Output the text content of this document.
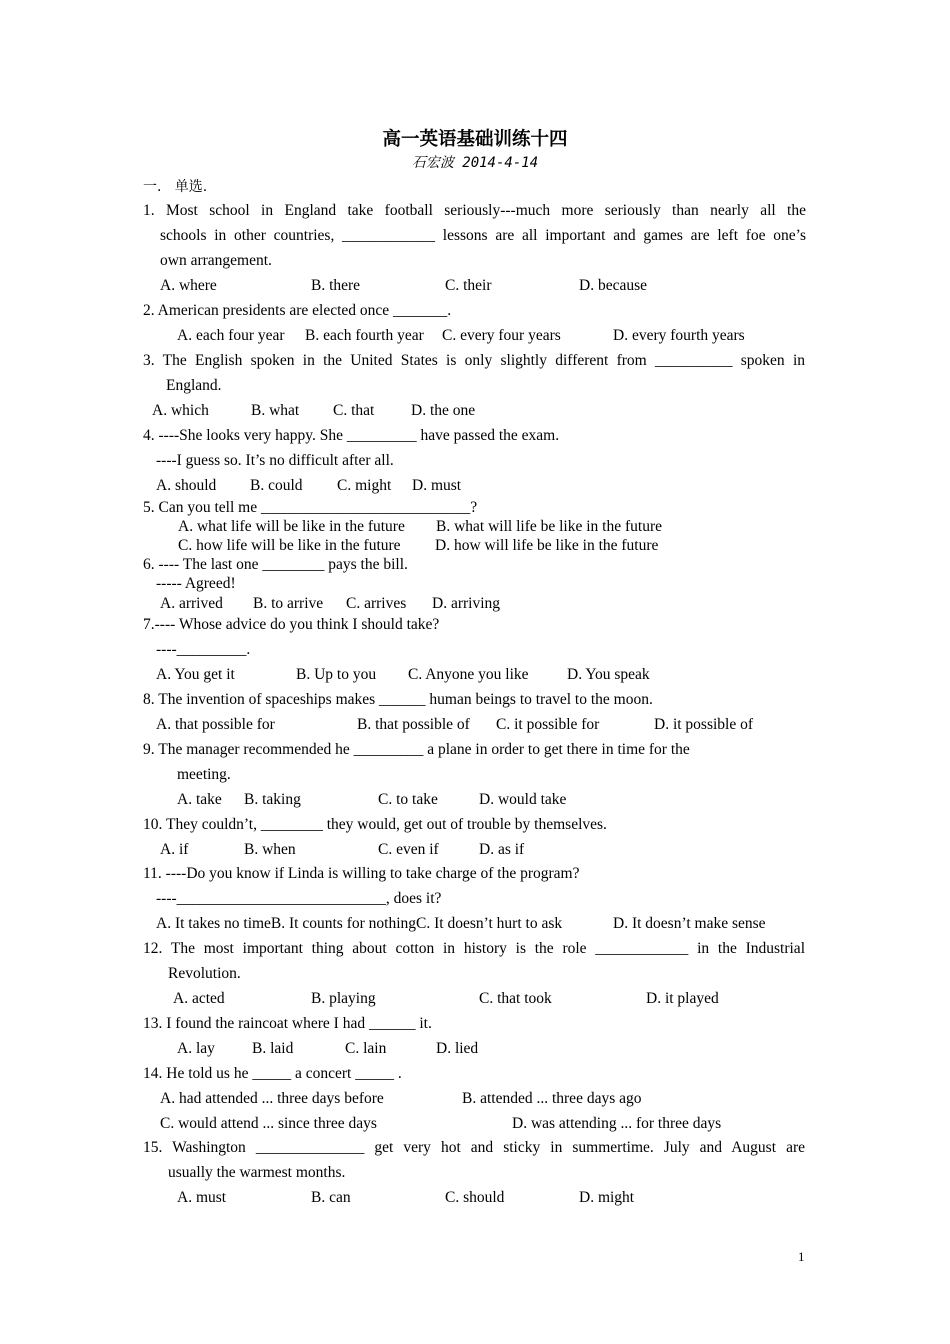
高一英语基础训练十四
石宏波 2014-4-14
一.   单选.
1. Most school in England take football seriously---much more seriously than nearly all the
schools in other countries, ____________ lessons are all important and games are left foe one’s
own arrangement.
A. where	B. there	C. their	D. because
2. American presidents are elected once _______.
A. each four year B. each fourth year C. every four years	D. every fourth years
3. The English spoken in the United States is only slightly different from __________ spoken in
England.
A. which	B. what C. that D. the one
4. ----She looks very happy. She _________ have passed the exam.
----I guess so. It’s no difficult after all.
A. should B. could C. might D. must
5. Can you tell me ___________________________?
A. what life will be like in the future B. what will life be like in the future
C. how life will be like in the future D. how will life be like in the future
6. ---- The last one ________ pays the bill.
----- Agreed!
A. arrived B. to arrive C. arrives D. arriving
7.---- Whose advice do you think I should take?
----_________.
A. You get it	B. Up to you C. Anyone you like D. You speak
8. The invention of spaceships makes ______ human beings to travel to the moon.
A. that possible for	B. that possible of C. it possible for	D. it possible of
9. The manager recommended he _________ a plane in order to get there in time for the
meeting.
A. take B. taking	C. to take	D. would take
10. They couldn’t, ________ they would, get out of trouble by themselves.
A. if	B. when	C. even if	D. as if
11. ----Do you know if Linda is willing to take charge of the program?
----___________________________, does it?
A. It takes no timeB. It counts for nothingC. It doesn’t hurt to ask	D. It doesn’t make sense
12. The most important thing about cotton in history is the role ____________ in the Industrial
Revolution.
A. acted	B. playing	C. that took	D. it played
13. I found the raincoat where I had ______ it.
A. lay B. laid	C. lain	D. lied
14. He told us he _____ a concert _____ .
A. had attended ... three days before	B. attended ... three days ago
C. would attend ... since three days	D. was attending ... for three days
15. Washington ______________ get very hot and sticky in summertime. July and August are
usually the warmest months.
A. must	B. can	C. should	D. might
1
